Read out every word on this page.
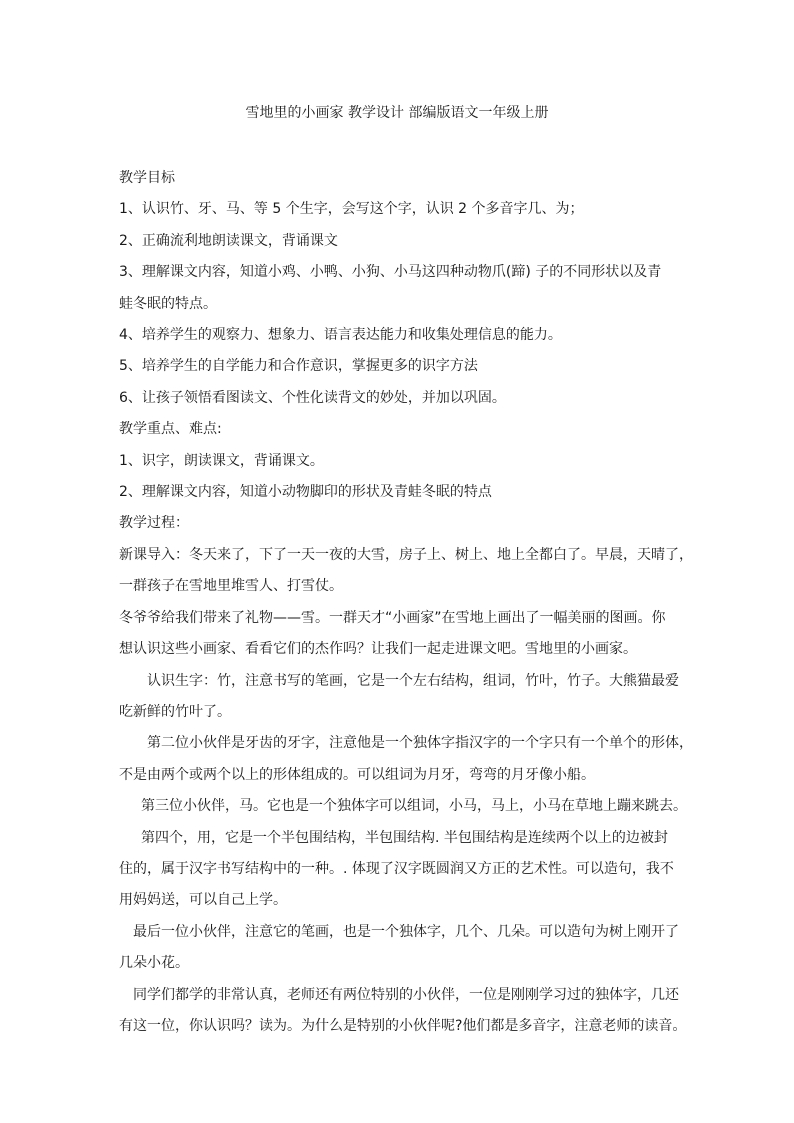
雪地里的小画家 教学设计 部编版语文一年级上册

教学目标

1、认识竹、牙、马、等 5 个生字，会写这个字，认识 2 个多音字几、为；

2、正确流利地朗读课文，背诵课文

3、理解课文内容，知道小鸡、小鸭、小狗、小马这四种动物爪(蹄) 子的不同形状以及青

蛙冬眠的特点。

4、培养学生的观察力、想象力、语言表达能力和收集处理信息的能力。

5、培养学生的自学能力和合作意识，掌握更多的识字方法

6、让孩子领悟看图读文、个性化读背文的妙处，并加以巩固。

教学重点、难点:

1、识字，朗读课文，背诵课文。

2、理解课文内容，知道小动物脚印的形状及青蛙冬眠的特点

教学过程：

新课导入：冬天来了，下了一天一夜的大雪，房子上、树上、地上全都白了。早晨，天晴了，

一群孩子在雪地里堆雪人、打雪仗。

冬爷爷给我们带来了礼物——雪。一群天才“小画家”在雪地上画出了一幅美丽的图画。你

想认识这些小画家、看看它们的杰作吗？让我们一起走进课文吧。雪地里的小画家。

认识生字：竹，注意书写的笔画，它是一个左右结构，组词，竹叶，竹子。大熊猫最爱

吃新鲜的竹叶了。

第二位小伙伴是牙齿的牙字，注意他是一个独体字指汉字的一个字只有一个单个的形体，

不是由两个或两个以上的形体组成的。可以组词为月牙，弯弯的月牙像小船。

第三位小伙伴，马。它也是一个独体字可以组词，小马，马上，小马在草地上蹦来跳去。

第四个，用，它是一个半包围结构，半包围结构. 半包围结构是连续两个以上的边被封

住的，属于汉字书写结构中的一种。. 体现了汉字既圆润又方正的艺术性。可以造句，我不

用妈妈送，可以自己上学。

最后一位小伙伴，注意它的笔画，也是一个独体字，几个、几朵。可以造句为树上刚开了

几朵小花。

同学们都学的非常认真，老师还有两位特别的小伙伴，一位是刚刚学习过的独体字，几还

有这一位，你认识吗？读为。为什么是特别的小伙伴呢?他们都是多音字，注意老师的读音。
